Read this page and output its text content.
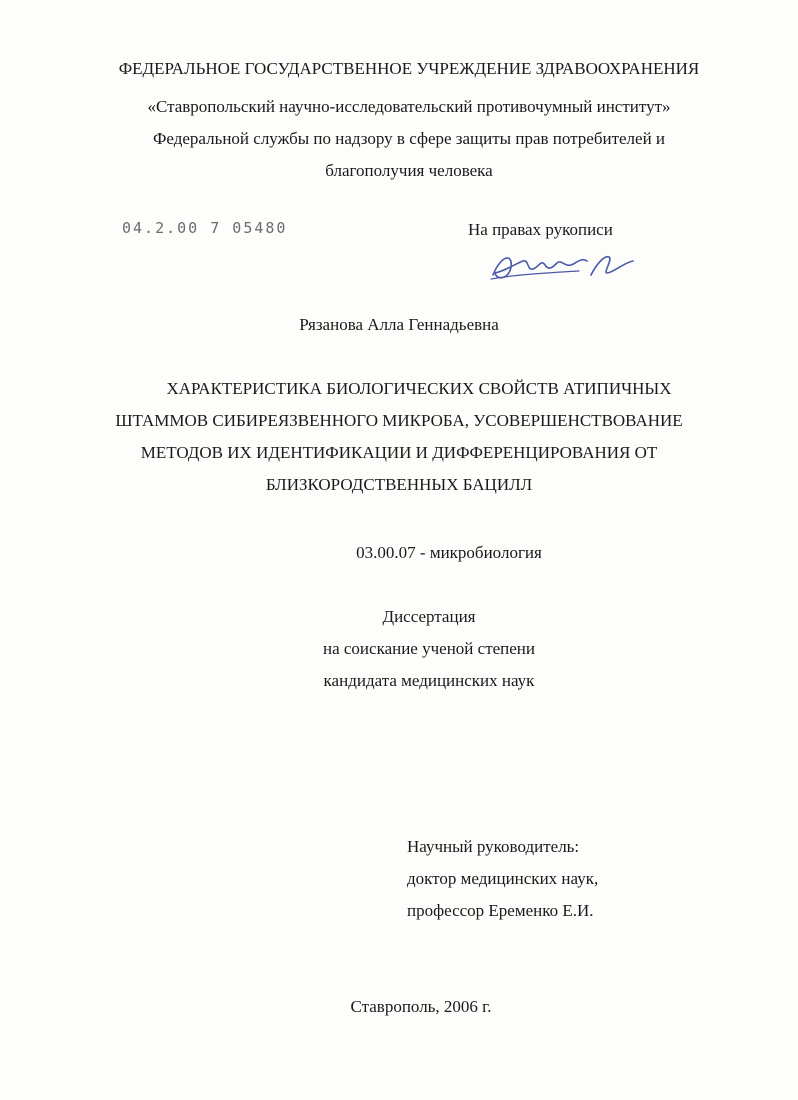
ФЕДЕРАЛЬНОЕ ГОСУДАРСТВЕННОЕ УЧРЕЖДЕНИЕ ЗДРАВООХРАНЕНИЯ
«Ставропольский научно-исследовательский противочумный институт»
Федеральной службы по надзору в сфере защиты прав потребителей и
благополучия человека
04.2.00 7 05480	На правах рукописи
Рязанова Алла Геннадьевна
ХАРАКТЕРИСТИКА БИОЛОГИЧЕСКИХ СВОЙСТВ АТИПИЧНЫХ
ШТАММОВ СИБИРЕЯЗВЕННОГО МИКРОБА, УСОВЕРШЕНСТВОВАНИЕ
МЕТОДОВ ИХ ИДЕНТИФИКАЦИИ И ДИФФЕРЕНЦИРОВАНИЯ ОТ
БЛИЗКОРОДСТВЕННЫХ БАЦИЛЛ
03.00.07 - микробиология
Диссертация
на соискание ученой степени
кандидата медицинских наук
Научный руководитель:
доктор медицинских наук,
профессор Еременко Е.И.
Ставрополь, 2006 г.
